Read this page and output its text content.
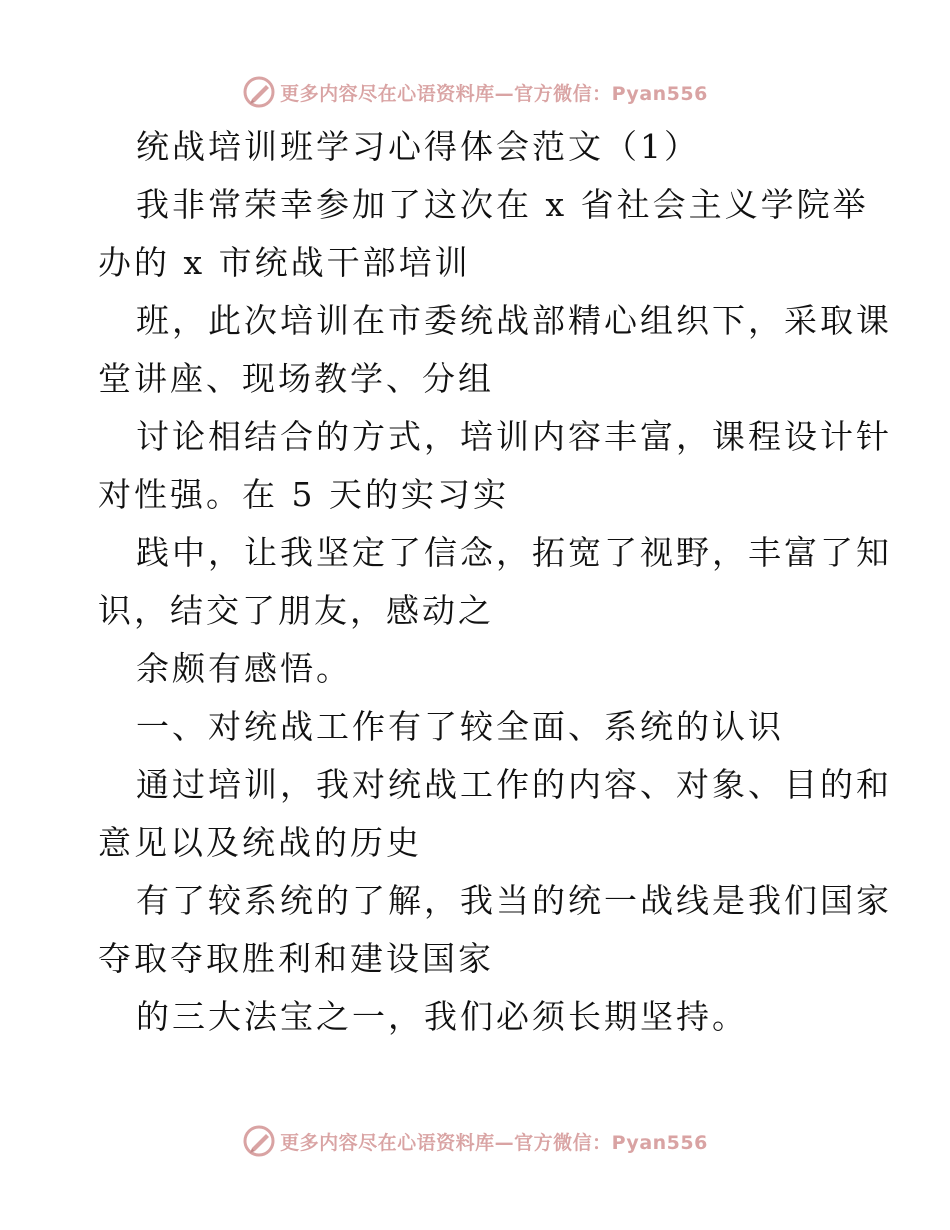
更多内容尽在心语资料库—官方微信：Pyan556
统战培训班学习心得体会范文（1）
我非常荣幸参加了这次在 x 省社会主义学院举
办的 x 市统战干部培训
班，此次培训在市委统战部精心组织下，采取课
堂讲座、现场教学、分组
讨论相结合的方式，培训内容丰富，课程设计针
对性强。在 5 天的实习实
践中，让我坚定了信念，拓宽了视野，丰富了知
识，结交了朋友，感动之
余颇有感悟。
一、对统战工作有了较全面、系统的认识
通过培训，我对统战工作的内容、对象、目的和
意见以及统战的历史
有了较系统的了解，我当的统一战线是我们国家
夺取夺取胜利和建设国家
的三大法宝之一，我们必须长期坚持。
更多内容尽在心语资料库—官方微信：Pyan556
